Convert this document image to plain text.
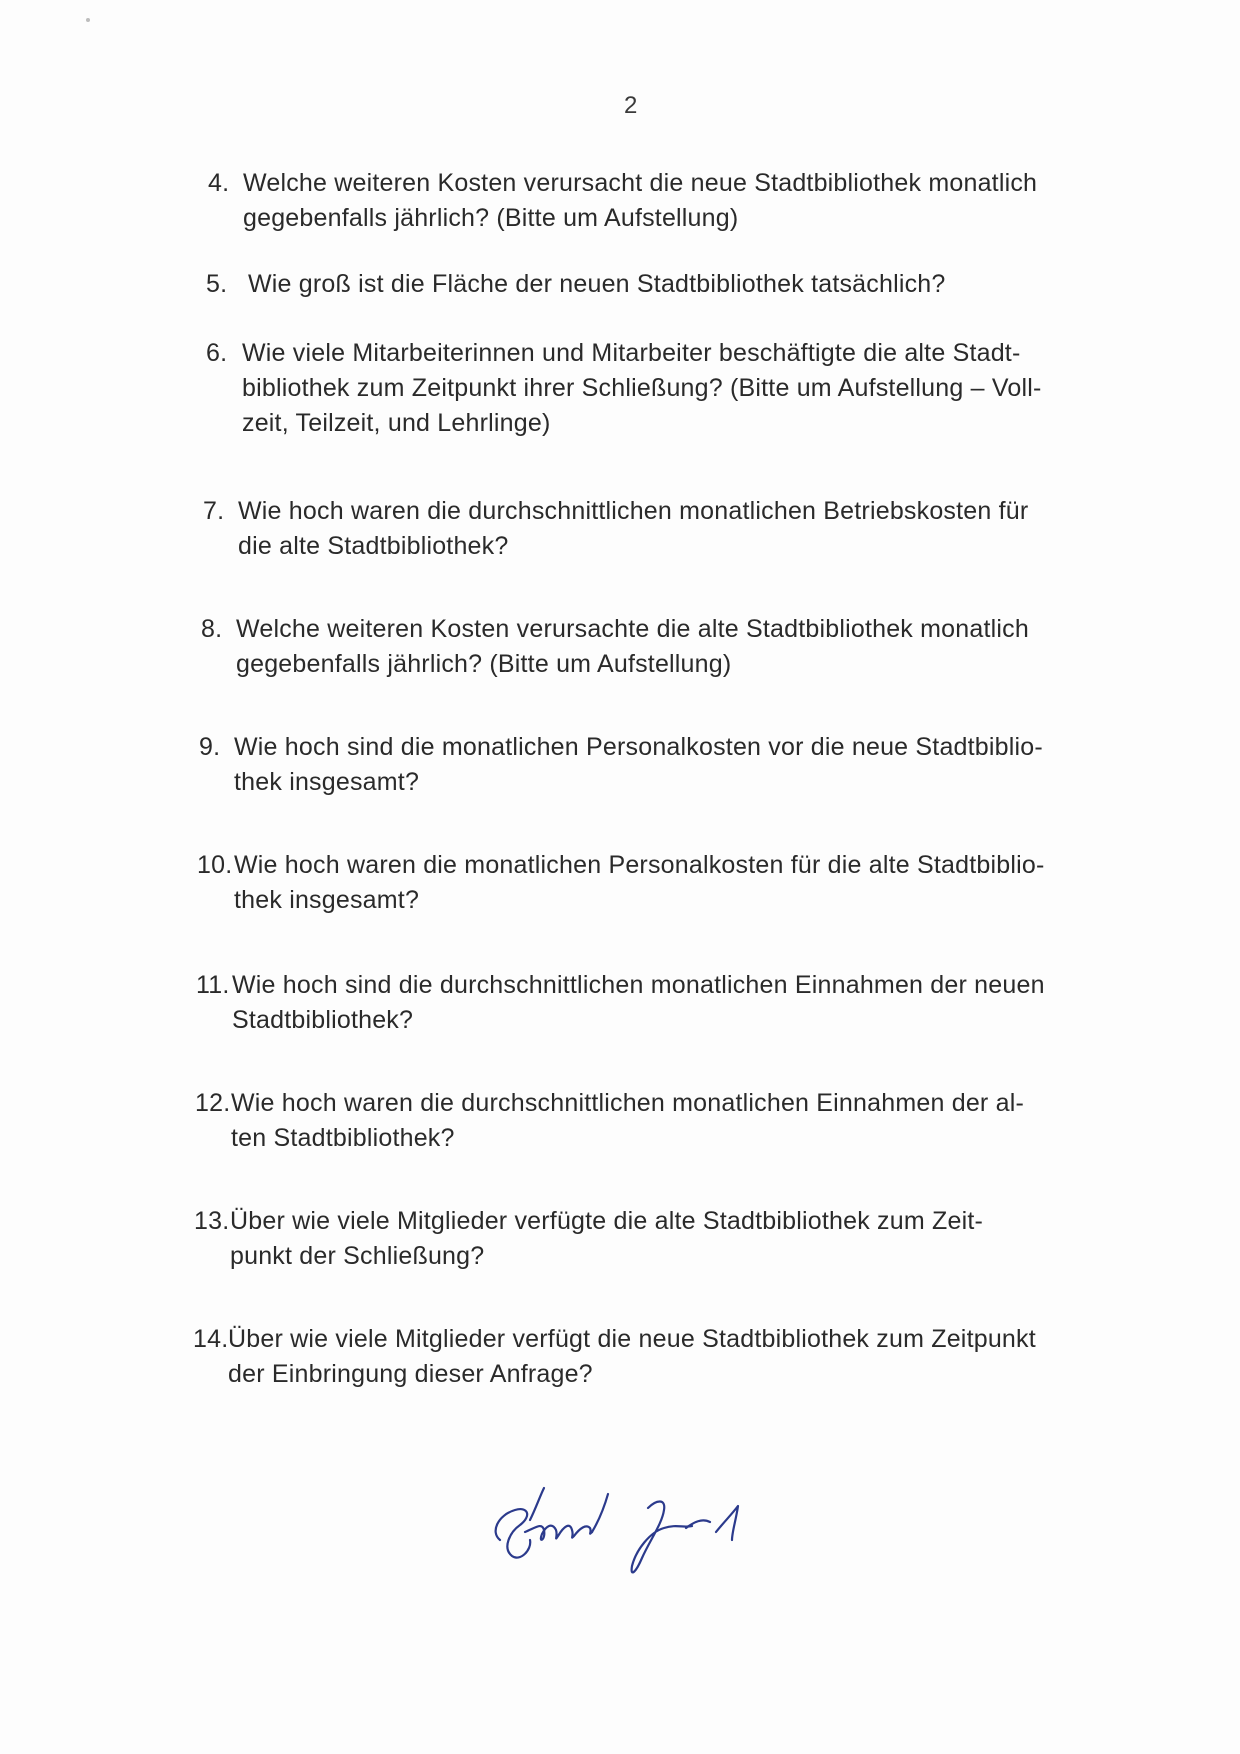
2
4. Welche weiteren Kosten verursacht die neue Stadtbibliothek monatlich
gegebenfalls jährlich? (Bitte um Aufstellung)
5. Wie groß ist die Fläche der neuen Stadtbibliothek tatsächlich?
6. Wie viele Mitarbeiterinnen und Mitarbeiter beschäftigte die alte Stadt-
bibliothek zum Zeitpunkt ihrer Schließung? (Bitte um Aufstellung – Voll-
zeit, Teilzeit, und Lehrlinge)
7. Wie hoch waren die durchschnittlichen monatlichen Betriebskosten für
die alte Stadtbibliothek?
8. Welche weiteren Kosten verursachte die alte Stadtbibliothek monatlich
gegebenfalls jährlich? (Bitte um Aufstellung)
9. Wie hoch sind die monatlichen Personalkosten vor die neue Stadtbiblio-
thek insgesamt?
10. Wie hoch waren die monatlichen Personalkosten für die alte Stadtbiblio-
thek insgesamt?
11. Wie hoch sind die durchschnittlichen monatlichen Einnahmen der neuen
Stadtbibliothek?
12. Wie hoch waren die durchschnittlichen monatlichen Einnahmen der al-
ten Stadtbibliothek?
13. Über wie viele Mitglieder verfügte die alte Stadtbibliothek zum Zeit-
punkt der Schließung?
14. Über wie viele Mitglieder verfügt die neue Stadtbibliothek zum Zeitpunkt
der Einbringung dieser Anfrage?
